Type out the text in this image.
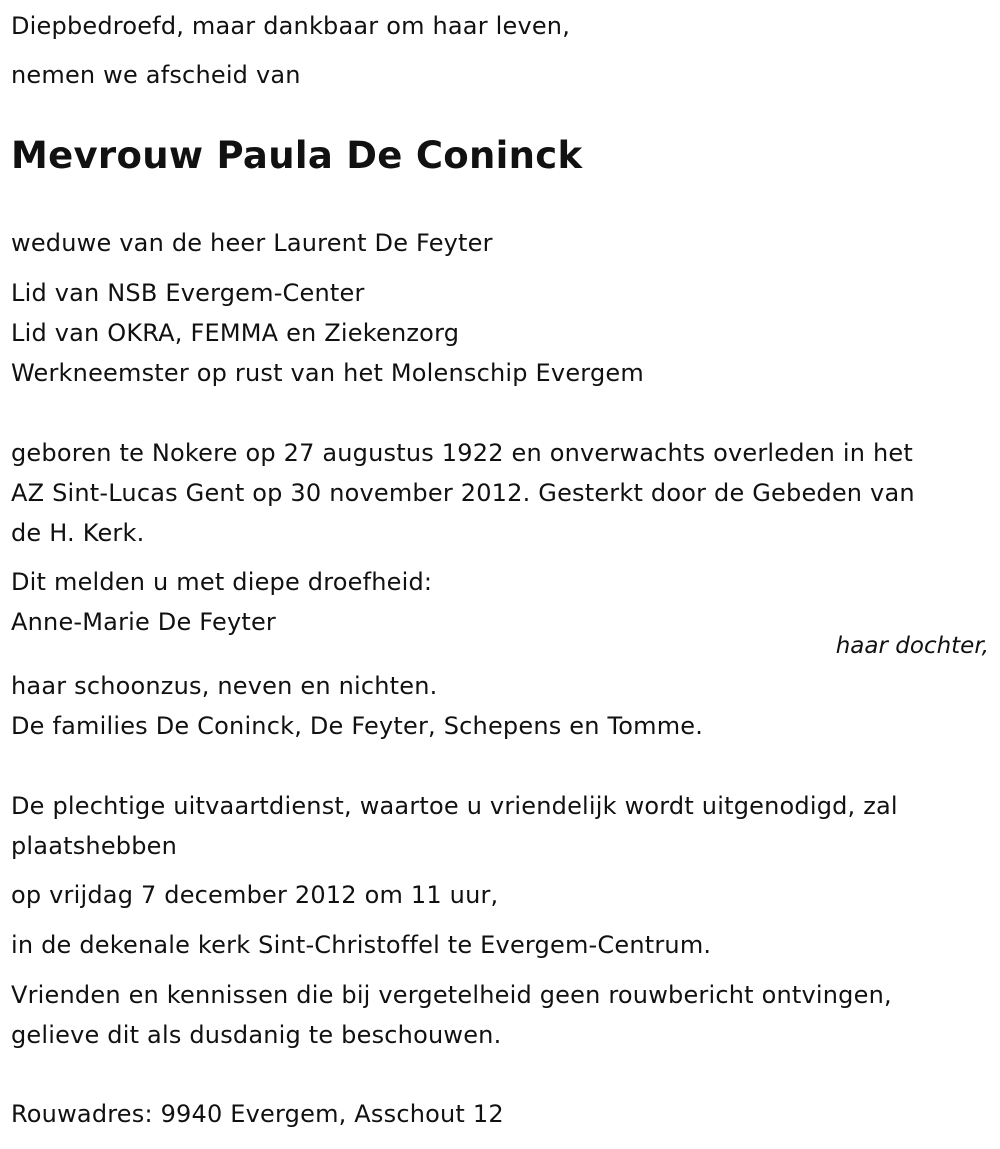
Diepbedroefd, maar dankbaar om haar leven,
nemen we afscheid van
Mevrouw Paula De Coninck
weduwe van de heer Laurent De Feyter
Lid van NSB Evergem-Center
Lid van OKRA, FEMMA en Ziekenzorg
Werkneemster op rust van het Molenschip Evergem
geboren te Nokere op 27 augustus 1922 en onverwachts overleden in het
AZ Sint-Lucas Gent op 30 november 2012. Gesterkt door de Gebeden van
de H. Kerk.
Dit melden u met diepe droefheid:
Anne-Marie De Feyter
haar dochter,
haar schoonzus, neven en nichten.
De families De Coninck, De Feyter, Schepens en Tomme.
De plechtige uitvaartdienst, waartoe u vriendelijk wordt uitgenodigd, zal
plaatshebben
op vrijdag 7 december 2012 om 11 uur,
in de dekenale kerk Sint-Christoffel te Evergem-Centrum.
Vrienden en kennissen die bij vergetelheid geen rouwbericht ontvingen,
gelieve dit als dusdanig te beschouwen.
Rouwadres: 9940 Evergem, Asschout 12
